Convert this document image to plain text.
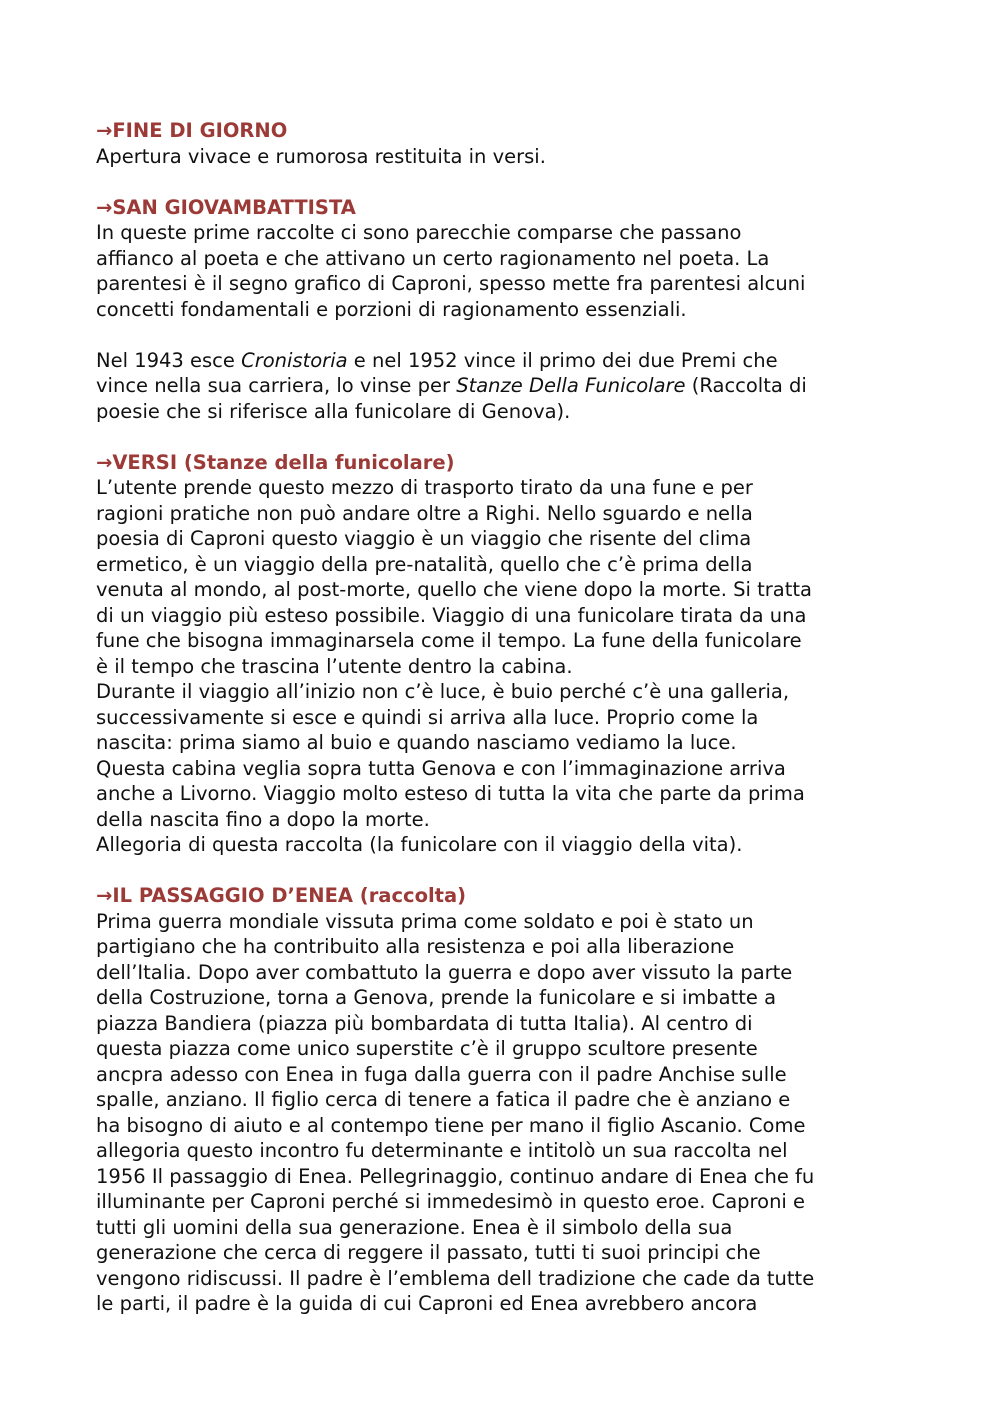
→FINE DI GIORNO
Apertura vivace e rumorosa restituita in versi.
→SAN GIOVAMBATTISTA
In queste prime raccolte ci sono parecchie comparse che passano
affianco al poeta e che attivano un certo ragionamento nel poeta. La
parentesi è il segno grafico di Caproni, spesso mette fra parentesi alcuni
concetti fondamentali e porzioni di ragionamento essenziali.
Nel 1943 esce Cronistoria e nel 1952 vince il primo dei due Premi che
vince nella sua carriera, lo vinse per Stanze Della Funicolare (Raccolta di
poesie che si riferisce alla funicolare di Genova).
→VERSI (Stanze della funicolare)
L’utente prende questo mezzo di trasporto tirato da una fune e per
ragioni pratiche non può andare oltre a Righi. Nello sguardo e nella
poesia di Caproni questo viaggio è un viaggio che risente del clima
ermetico, è un viaggio della pre-natalità, quello che c’è prima della
venuta al mondo, al post-morte, quello che viene dopo la morte. Si tratta
di un viaggio più esteso possibile. Viaggio di una funicolare tirata da una
fune che bisogna immaginarsela come il tempo. La fune della funicolare
è il tempo che trascina l’utente dentro la cabina.
Durante il viaggio all’inizio non c’è luce, è buio perché c’è una galleria,
successivamente si esce e quindi si arriva alla luce. Proprio come la
nascita: prima siamo al buio e quando nasciamo vediamo la luce.
Questa cabina veglia sopra tutta Genova e con l’immaginazione arriva
anche a Livorno. Viaggio molto esteso di tutta la vita che parte da prima
della nascita fino a dopo la morte.
Allegoria di questa raccolta (la funicolare con il viaggio della vita).
→IL PASSAGGIO D’ENEA (raccolta)
Prima guerra mondiale vissuta prima come soldato e poi è stato un
partigiano che ha contribuito alla resistenza e poi alla liberazione
dell’Italia. Dopo aver combattuto la guerra e dopo aver vissuto la parte
della Costruzione, torna a Genova, prende la funicolare e si imbatte a
piazza Bandiera (piazza più bombardata di tutta Italia). Al centro di
questa piazza come unico superstite c’è il gruppo scultore presente
ancpra adesso con Enea in fuga dalla guerra con il padre Anchise sulle
spalle, anziano. Il figlio cerca di tenere a fatica il padre che è anziano e
ha bisogno di aiuto e al contempo tiene per mano il figlio Ascanio. Come
allegoria questo incontro fu determinante e intitolò un sua raccolta nel
1956 Il passaggio di Enea. Pellegrinaggio, continuo andare di Enea che fu
illuminante per Caproni perché si immedesimò in questo eroe. Caproni e
tutti gli uomini della sua generazione. Enea è il simbolo della sua
generazione che cerca di reggere il passato, tutti ti suoi principi che
vengono ridiscussi. Il padre è l’emblema dell tradizione che cade da tutte
le parti, il padre è la guida di cui Caproni ed Enea avrebbero ancora
